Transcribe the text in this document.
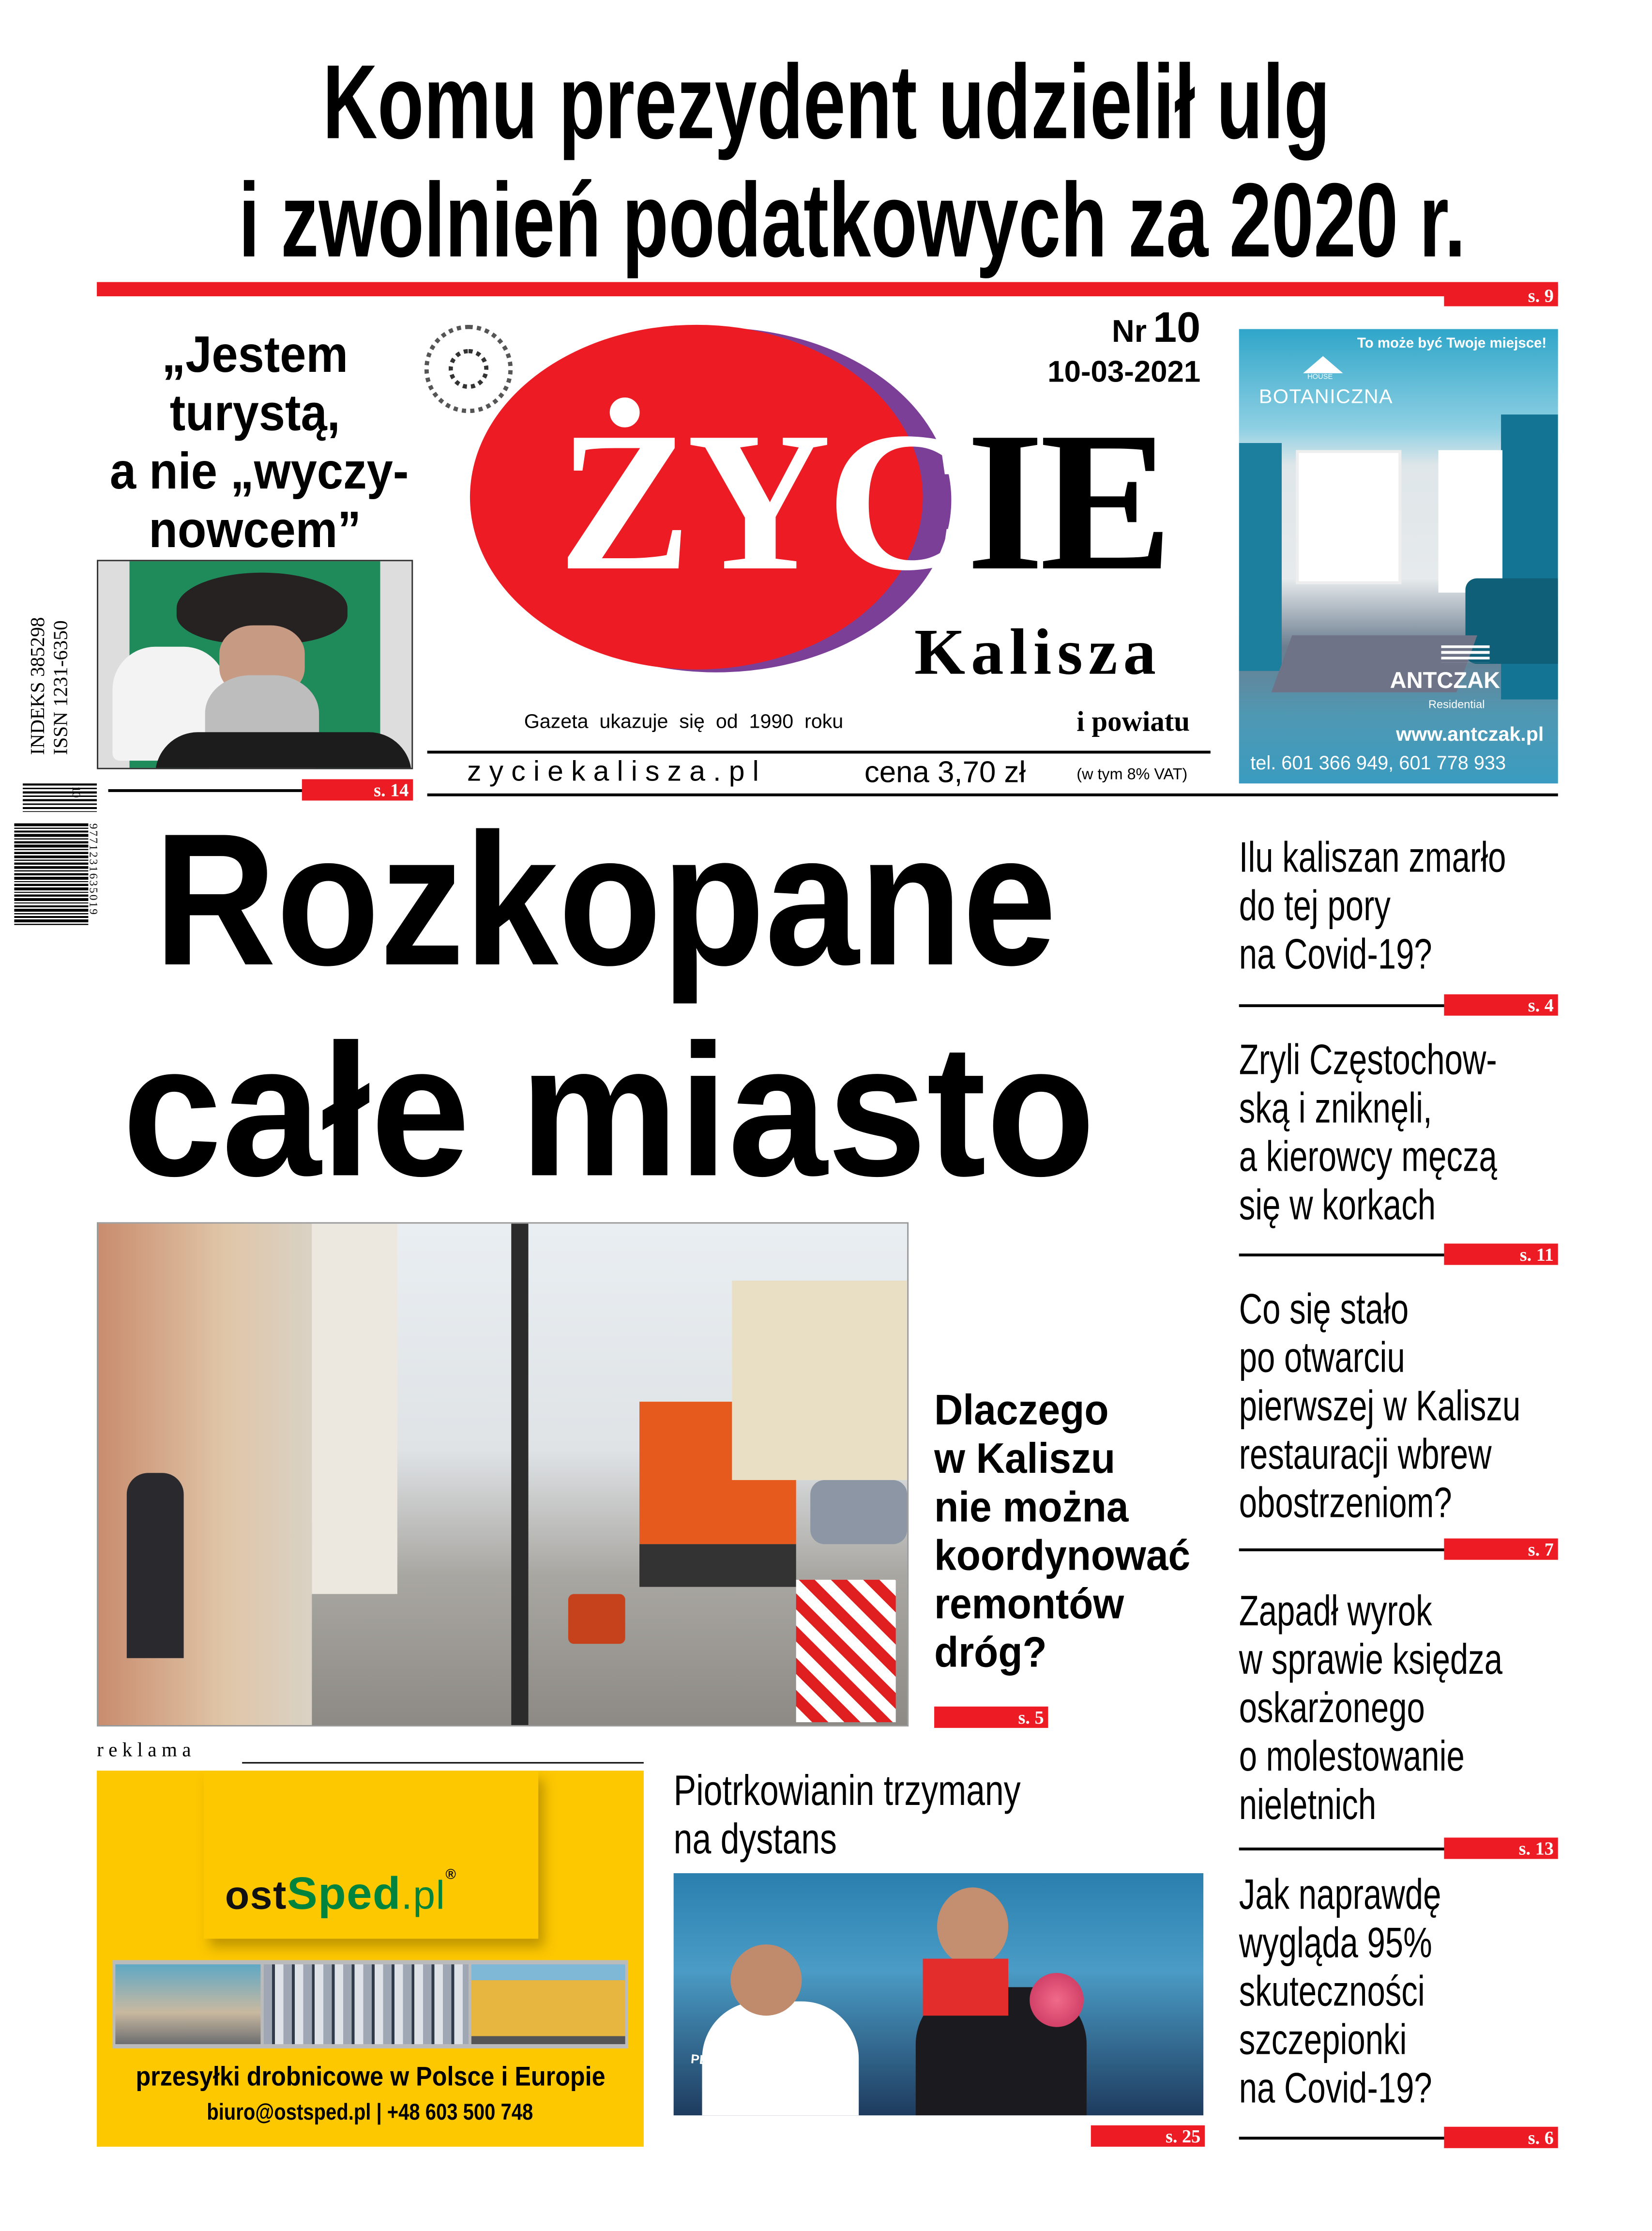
Komu prezydent udzielił ulg
i zwolnień podatkowych za 2020 r.
s. 9
„Jestem
turystą,
a nie „wyczy-
nowcem”
s. 14
INDEKS 385298 ISSN 1231-6350
10
9771231635019
ŻYCIE
Kalisza
Nr 10
10-03-2021
Gazeta  ukazuje  się  od  1990  roku	i powiatu
zyciekalisza.pl	cena 3,70 zł	(w tym 8% VAT)
To może być Twoje miejsce!
HOUSE
BOTANICZNA
ANTCZAK
Residential
www.antczak.pl
tel. 601 366 949, 601 778 933
Rozkopane
całe miasto
Dlaczego
w Kaliszu
nie można
koordynować
remontów
dróg?
s. 5
Ilu kaliszan zmarło
do tej pory
na Covid-19?
s. 4
Zryli Częstochow-
ską i zniknęli,
a kierowcy męczą
się w korkach
s. 11
Co się stało
po otwarciu
pierwszej w Kaliszu
restauracji wbrew
obostrzeniom?
s. 7
Zapadł wyrok
w sprawie księdza
oskarżonego
o molestowanie
nieletnich
s. 13
Jak naprawdę
wygląda 95%
skuteczności
szczepionki
na Covid-19?
s. 6
r e k l a m a
ostSped.pl®
przesyłki drobnicowe w Polsce i Europie
biuro@ostsped.pl | +48 603 500 748
Piotrkowianin trzymany
na dystans
PER ADAMSKI
s. 25
